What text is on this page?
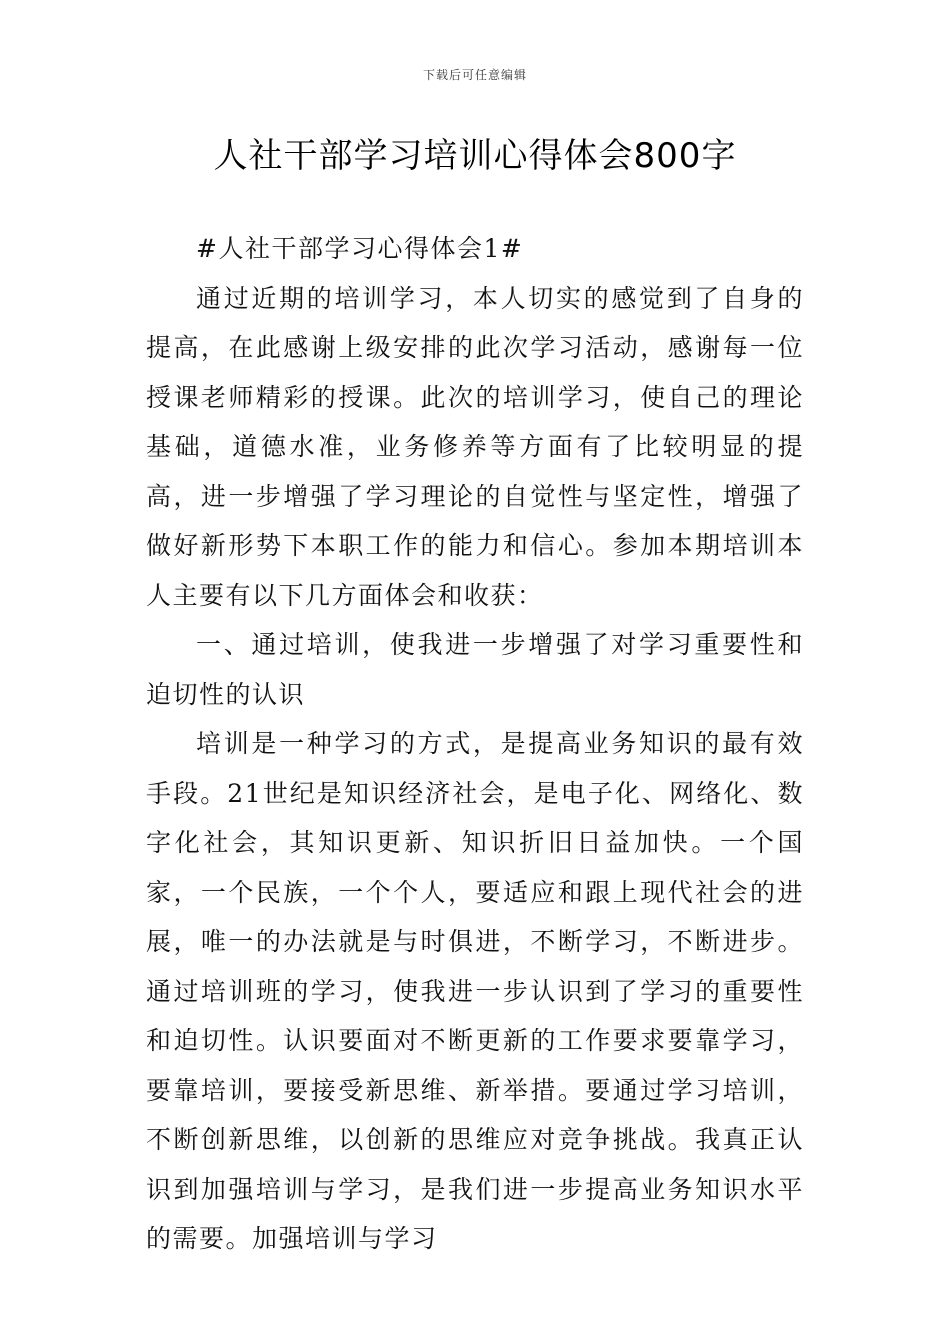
下载后可任意编辑
人社干部学习培训心得体会800字

#人社干部学习心得体会1#

通过近期的培训学习，本人切实的感觉到了自身的提高，在此感谢上级安排的此次学习活动，感谢每一位授课老师精彩的授课。此次的培训学习，使自己的理论基础，道德水准，业务修养等方面有了比较明显的提高，进一步增强了学习理论的自觉性与坚定性，增强了做好新形势下本职工作的能力和信心。参加本期培训本人主要有以下几方面体会和收获：

一、通过培训，使我进一步增强了对学习重要性和迫切性的认识

培训是一种学习的方式，是提高业务知识的最有效手段。21世纪是知识经济社会，是电子化、网络化、数字化社会，其知识更新、知识折旧日益加快。一个国家，一个民族，一个个人，要适应和跟上现代社会的进展，唯一的办法就是与时俱进，不断学习，不断进步。通过培训班的学习，使我进一步认识到了学习的重要性和迫切性。认识要面对不断更新的工作要求要靠学习，要靠培训，要接受新思维、新举措。要通过学习培训，不断创新思维，以创新的思维应对竞争挑战。我真正认识到加强培训与学习，是我们进一步提高业务知识水平的需要。加强培训与学习
